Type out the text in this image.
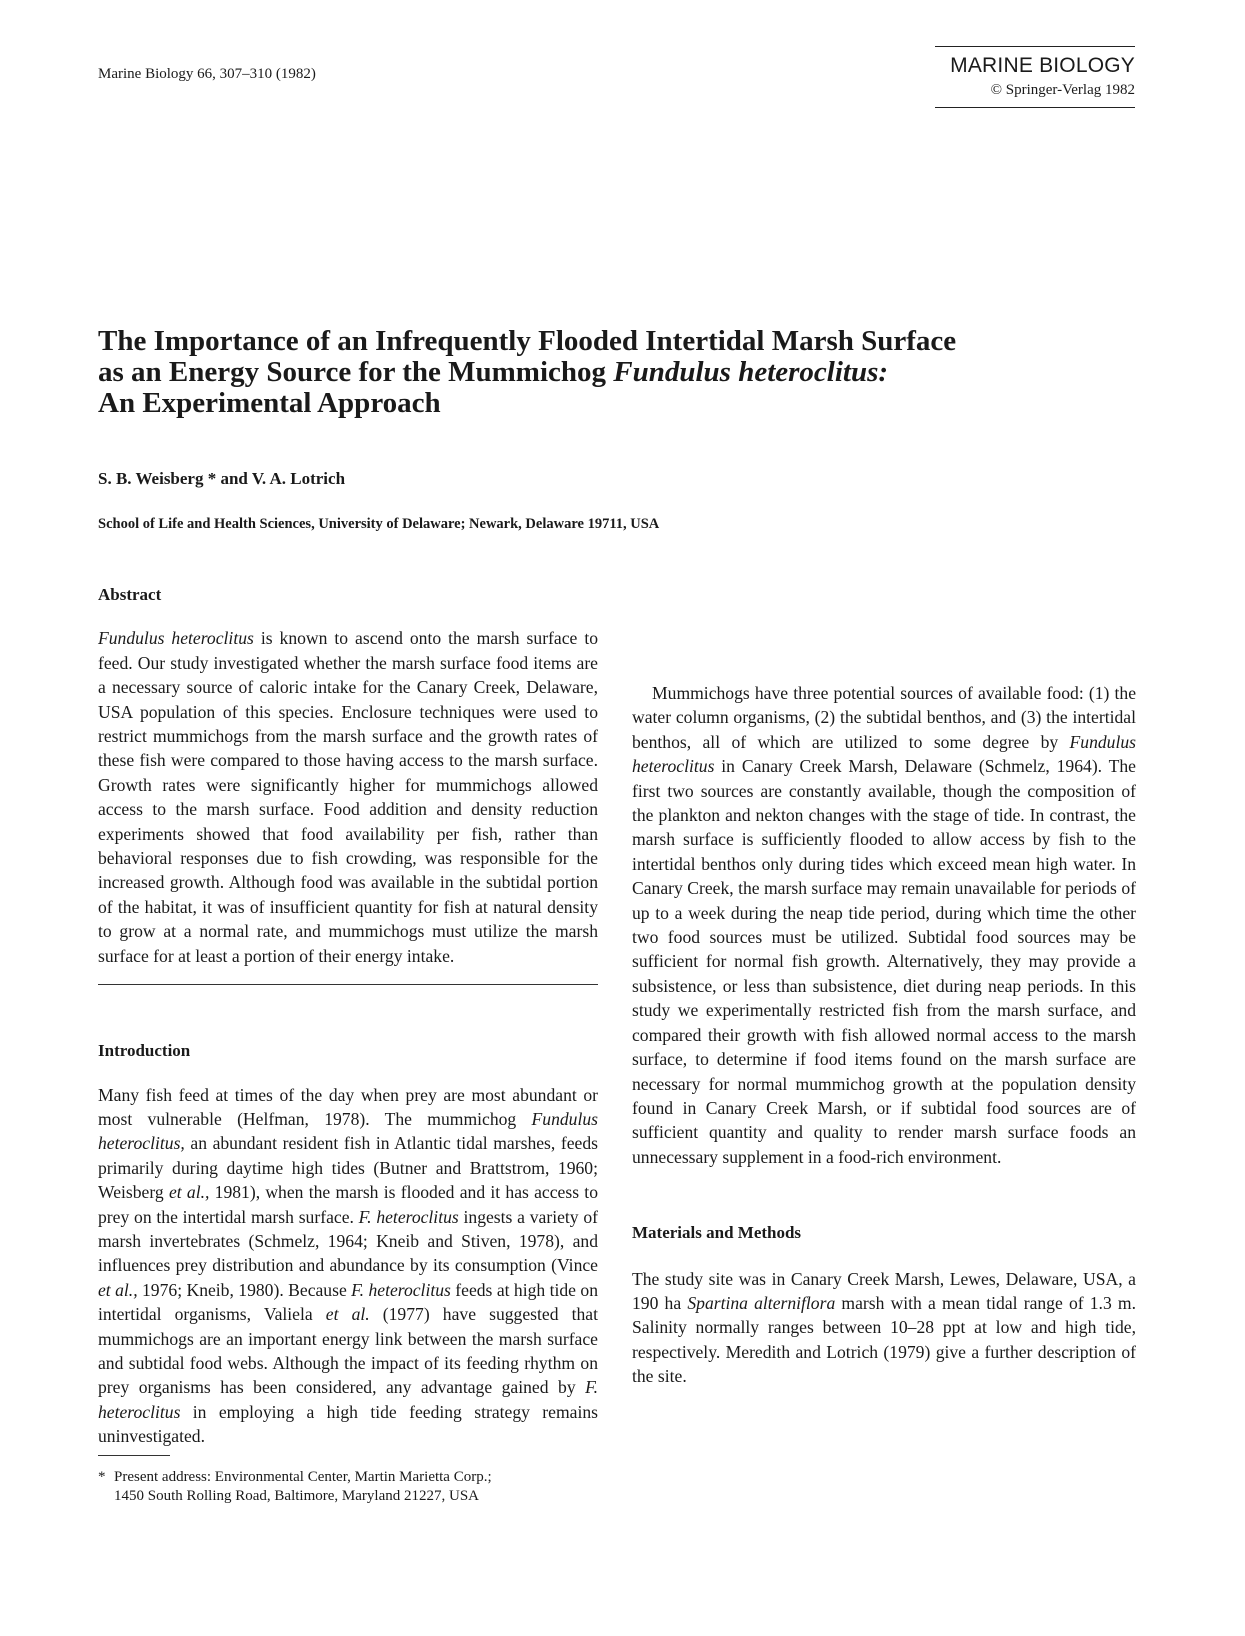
Marine Biology 66, 307–310 (1982)	MARINE BIOLOGY
© Springer-Verlag 1982
The Importance of an Infrequently Flooded Intertidal Marsh Surface
as an Energy Source for the Mummichog Fundulus heteroclitus:
An Experimental Approach
S. B. Weisberg * and V. A. Lotrich
School of Life and Health Sciences, University of Delaware; Newark, Delaware 19711, USA
Abstract

Fundulus heteroclitus is known to ascend onto the marsh surface to feed. Our study investigated whether the marsh surface food items are a necessary source of caloric intake for the Canary Creek, Delaware, USA population of this species. Enclosure techniques were used to restrict mummichogs from the marsh surface and the growth rates of these fish were compared to those having access to the marsh surface. Growth rates were significantly higher for mummichogs allowed access to the marsh surface. Food addition and density reduction experiments showed that food availability per fish, rather than behavioral responses due to fish crowding, was responsible for the increased growth. Although food was available in the subtidal portion of the habitat, it was of insufficient quantity for fish at natural density to grow at a normal rate, and mummichogs must utilize the marsh surface for at least a portion of their energy intake.

Introduction

Many fish feed at times of the day when prey are most abundant or most vulnerable (Helfman, 1978). The mummichog Fundulus heteroclitus, an abundant resident fish in Atlantic tidal marshes, feeds primarily during daytime high tides (Butner and Brattstrom, 1960; Weisberg et al., 1981), when the marsh is flooded and it has access to prey on the intertidal marsh surface. F. heteroclitus ingests a variety of marsh invertebrates (Schmelz, 1964; Kneib and Stiven, 1978), and influences prey distribution and abundance by its consumption (Vince et al., 1976; Kneib, 1980). Because F. heteroclitus feeds at high tide on intertidal organisms, Valiela et al. (1977) have suggested that mummichogs are an important energy link between the marsh surface and subtidal food webs. Although the impact of its feeding rhythm on prey organisms has been considered, any advantage gained by F. heteroclitus in employing a high tide feeding strategy remains uninvestigated.

* Present address: Environmental Center, Martin Marietta Corp.;
1450 South Rolling Road, Baltimore, Maryland 21227, USA

Mummichogs have three potential sources of available food: (1) the water column organisms, (2) the subtidal benthos, and (3) the intertidal benthos, all of which are utilized to some degree by Fundulus heteroclitus in Canary Creek Marsh, Delaware (Schmelz, 1964). The first two sources are constantly available, though the composition of the plankton and nekton changes with the stage of tide. In contrast, the marsh surface is sufficiently flooded to allow access by fish to the intertidal benthos only during tides which exceed mean high water. In Canary Creek, the marsh surface may remain unavailable for periods of up to a week during the neap tide period, during which time the other two food sources must be utilized. Subtidal food sources may be sufficient for normal fish growth. Alternatively, they may provide a subsistence, or less than subsistence, diet during neap periods. In this study we experimentally restricted fish from the marsh surface, and compared their growth with fish allowed normal access to the marsh surface, to determine if food items found on the marsh surface are necessary for normal mummichog growth at the population density found in Canary Creek Marsh, or if subtidal food sources are of sufficient quantity and quality to render marsh surface foods an unnecessary supplement in a food-rich environment.

Materials and Methods

The study site was in Canary Creek Marsh, Lewes, Delaware, USA, a 190 ha Spartina alterniflora marsh with a mean tidal range of 1.3 m. Salinity normally ranges between 10–28 ppt at low and high tide, respectively. Meredith and Lotrich (1979) give a further description of the site.
